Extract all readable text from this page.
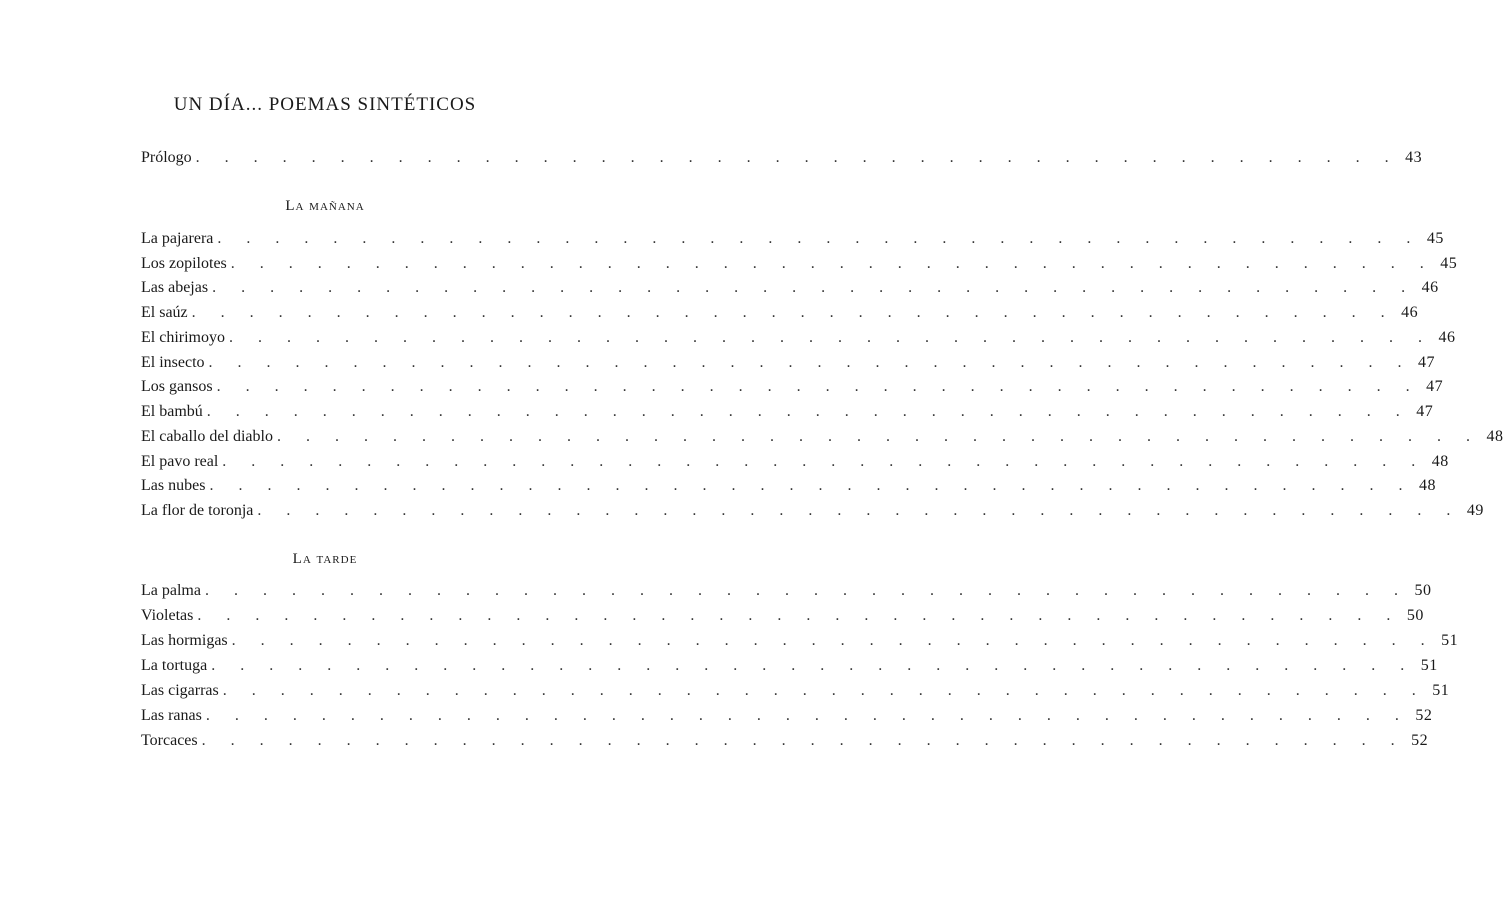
UN DÍA... POEMAS SINTÉTICOS
Prólogo . . . . . . . . . . . . . . . . . . . . . . . . . . . . . . . . . . . . . . . . . . 43
La mañana
La pajarera . . . . . . . . . . . . . . . . . . . . . . . . . . . . . . . . . . . . . . . . . . 45
Los zopilotes . . . . . . . . . . . . . . . . . . . . . . . . . . . . . . . . . . . . . . . . . . 45
Las abejas . . . . . . . . . . . . . . . . . . . . . . . . . . . . . . . . . . . . . . . . . . 46
El saúz . . . . . . . . . . . . . . . . . . . . . . . . . . . . . . . . . . . . . . . . . . 46
El chirimoyo . . . . . . . . . . . . . . . . . . . . . . . . . . . . . . . . . . . . . . . . . . 46
El insecto . . . . . . . . . . . . . . . . . . . . . . . . . . . . . . . . . . . . . . . . . . 47
Los gansos . . . . . . . . . . . . . . . . . . . . . . . . . . . . . . . . . . . . . . . . . . 47
El bambú . . . . . . . . . . . . . . . . . . . . . . . . . . . . . . . . . . . . . . . . . . 47
El caballo del diablo . . . . . . . . . . . . . . . . . . . . . . . . . . . . . . . . . . . . . . . . . . 48
El pavo real . . . . . . . . . . . . . . . . . . . . . . . . . . . . . . . . . . . . . . . . . . 48
Las nubes . . . . . . . . . . . . . . . . . . . . . . . . . . . . . . . . . . . . . . . . . . 48
La flor de toronja . . . . . . . . . . . . . . . . . . . . . . . . . . . . . . . . . . . . . . . . . . 49
La tarde
La palma . . . . . . . . . . . . . . . . . . . . . . . . . . . . . . . . . . . . . . . . . . 50
Violetas . . . . . . . . . . . . . . . . . . . . . . . . . . . . . . . . . . . . . . . . . . 50
Las hormigas . . . . . . . . . . . . . . . . . . . . . . . . . . . . . . . . . . . . . . . . . . 51
La tortuga . . . . . . . . . . . . . . . . . . . . . . . . . . . . . . . . . . . . . . . . . . 51
Las cigarras . . . . . . . . . . . . . . . . . . . . . . . . . . . . . . . . . . . . . . . . . . 51
Las ranas . . . . . . . . . . . . . . . . . . . . . . . . . . . . . . . . . . . . . . . . . . 52
Torcaces . . . . . . . . . . . . . . . . . . . . . . . . . . . . . . . . . . . . . . . . . . 52
